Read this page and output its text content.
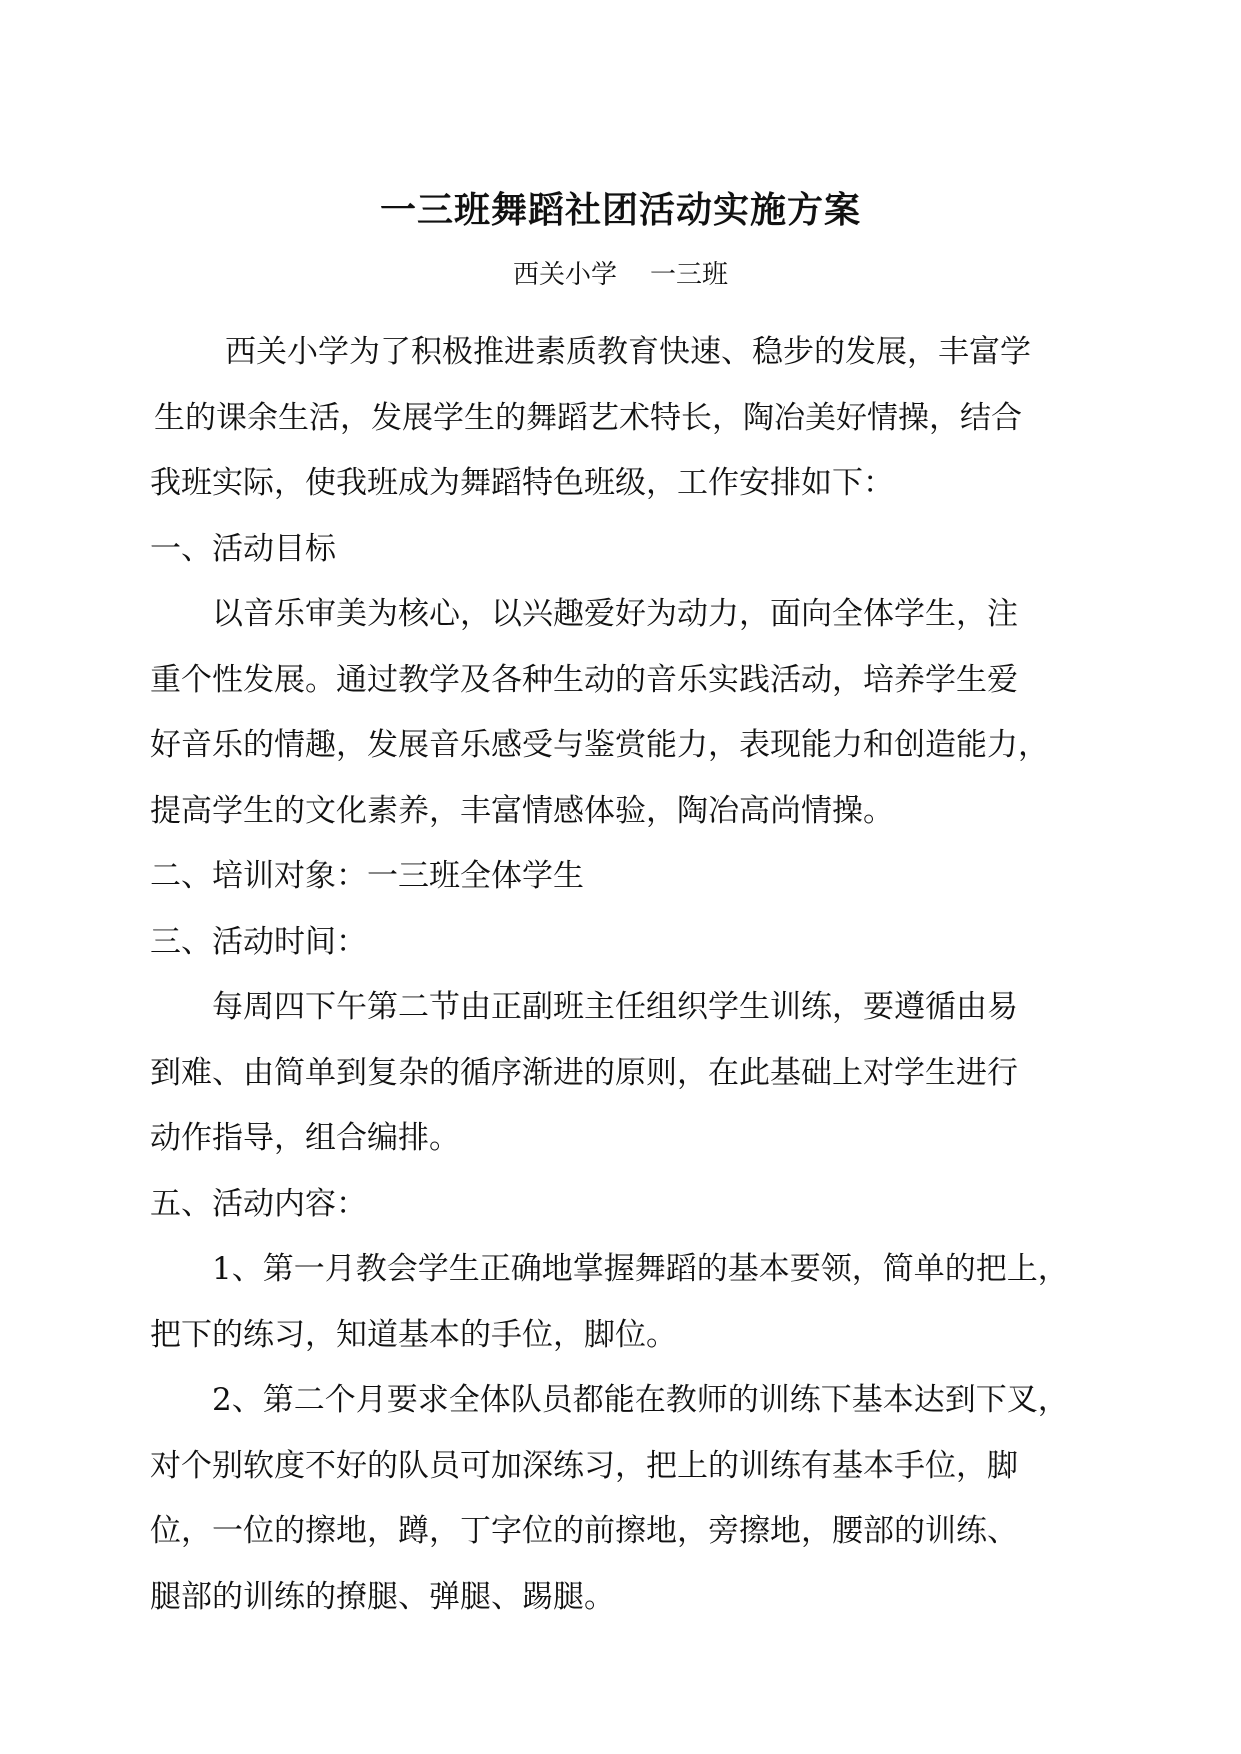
一三班舞蹈社团活动实施方案
西关小学    一三班
西关小学为了积极推进素质教育快速、稳步的发展，丰富学
生的课余生活，发展学生的舞蹈艺术特长，陶冶美好情操，结合
我班实际，使我班成为舞蹈特色班级，工作安排如下：
一、活动目标
以音乐审美为核心，以兴趣爱好为动力，面向全体学生，注
重个性发展。通过教学及各种生动的音乐实践活动，培养学生爱
好音乐的情趣，发展音乐感受与鉴赏能力，表现能力和创造能力，
提高学生的文化素养，丰富情感体验，陶冶高尚情操。
二、培训对象：一三班全体学生
三、活动时间：
每周四下午第二节由正副班主任组织学生训练，要遵循由易
到难、由简单到复杂的循序渐进的原则，在此基础上对学生进行
动作指导，组合编排。
五、活动内容：
1、第一月教会学生正确地掌握舞蹈的基本要领，简单的把上，
把下的练习，知道基本的手位，脚位。
2、第二个月要求全体队员都能在教师的训练下基本达到下叉，
对个别软度不好的队员可加深练习，把上的训练有基本手位，脚
位，一位的擦地，蹲，丁字位的前擦地，旁擦地，腰部的训练、
腿部的训练的撩腿、弹腿、踢腿。
